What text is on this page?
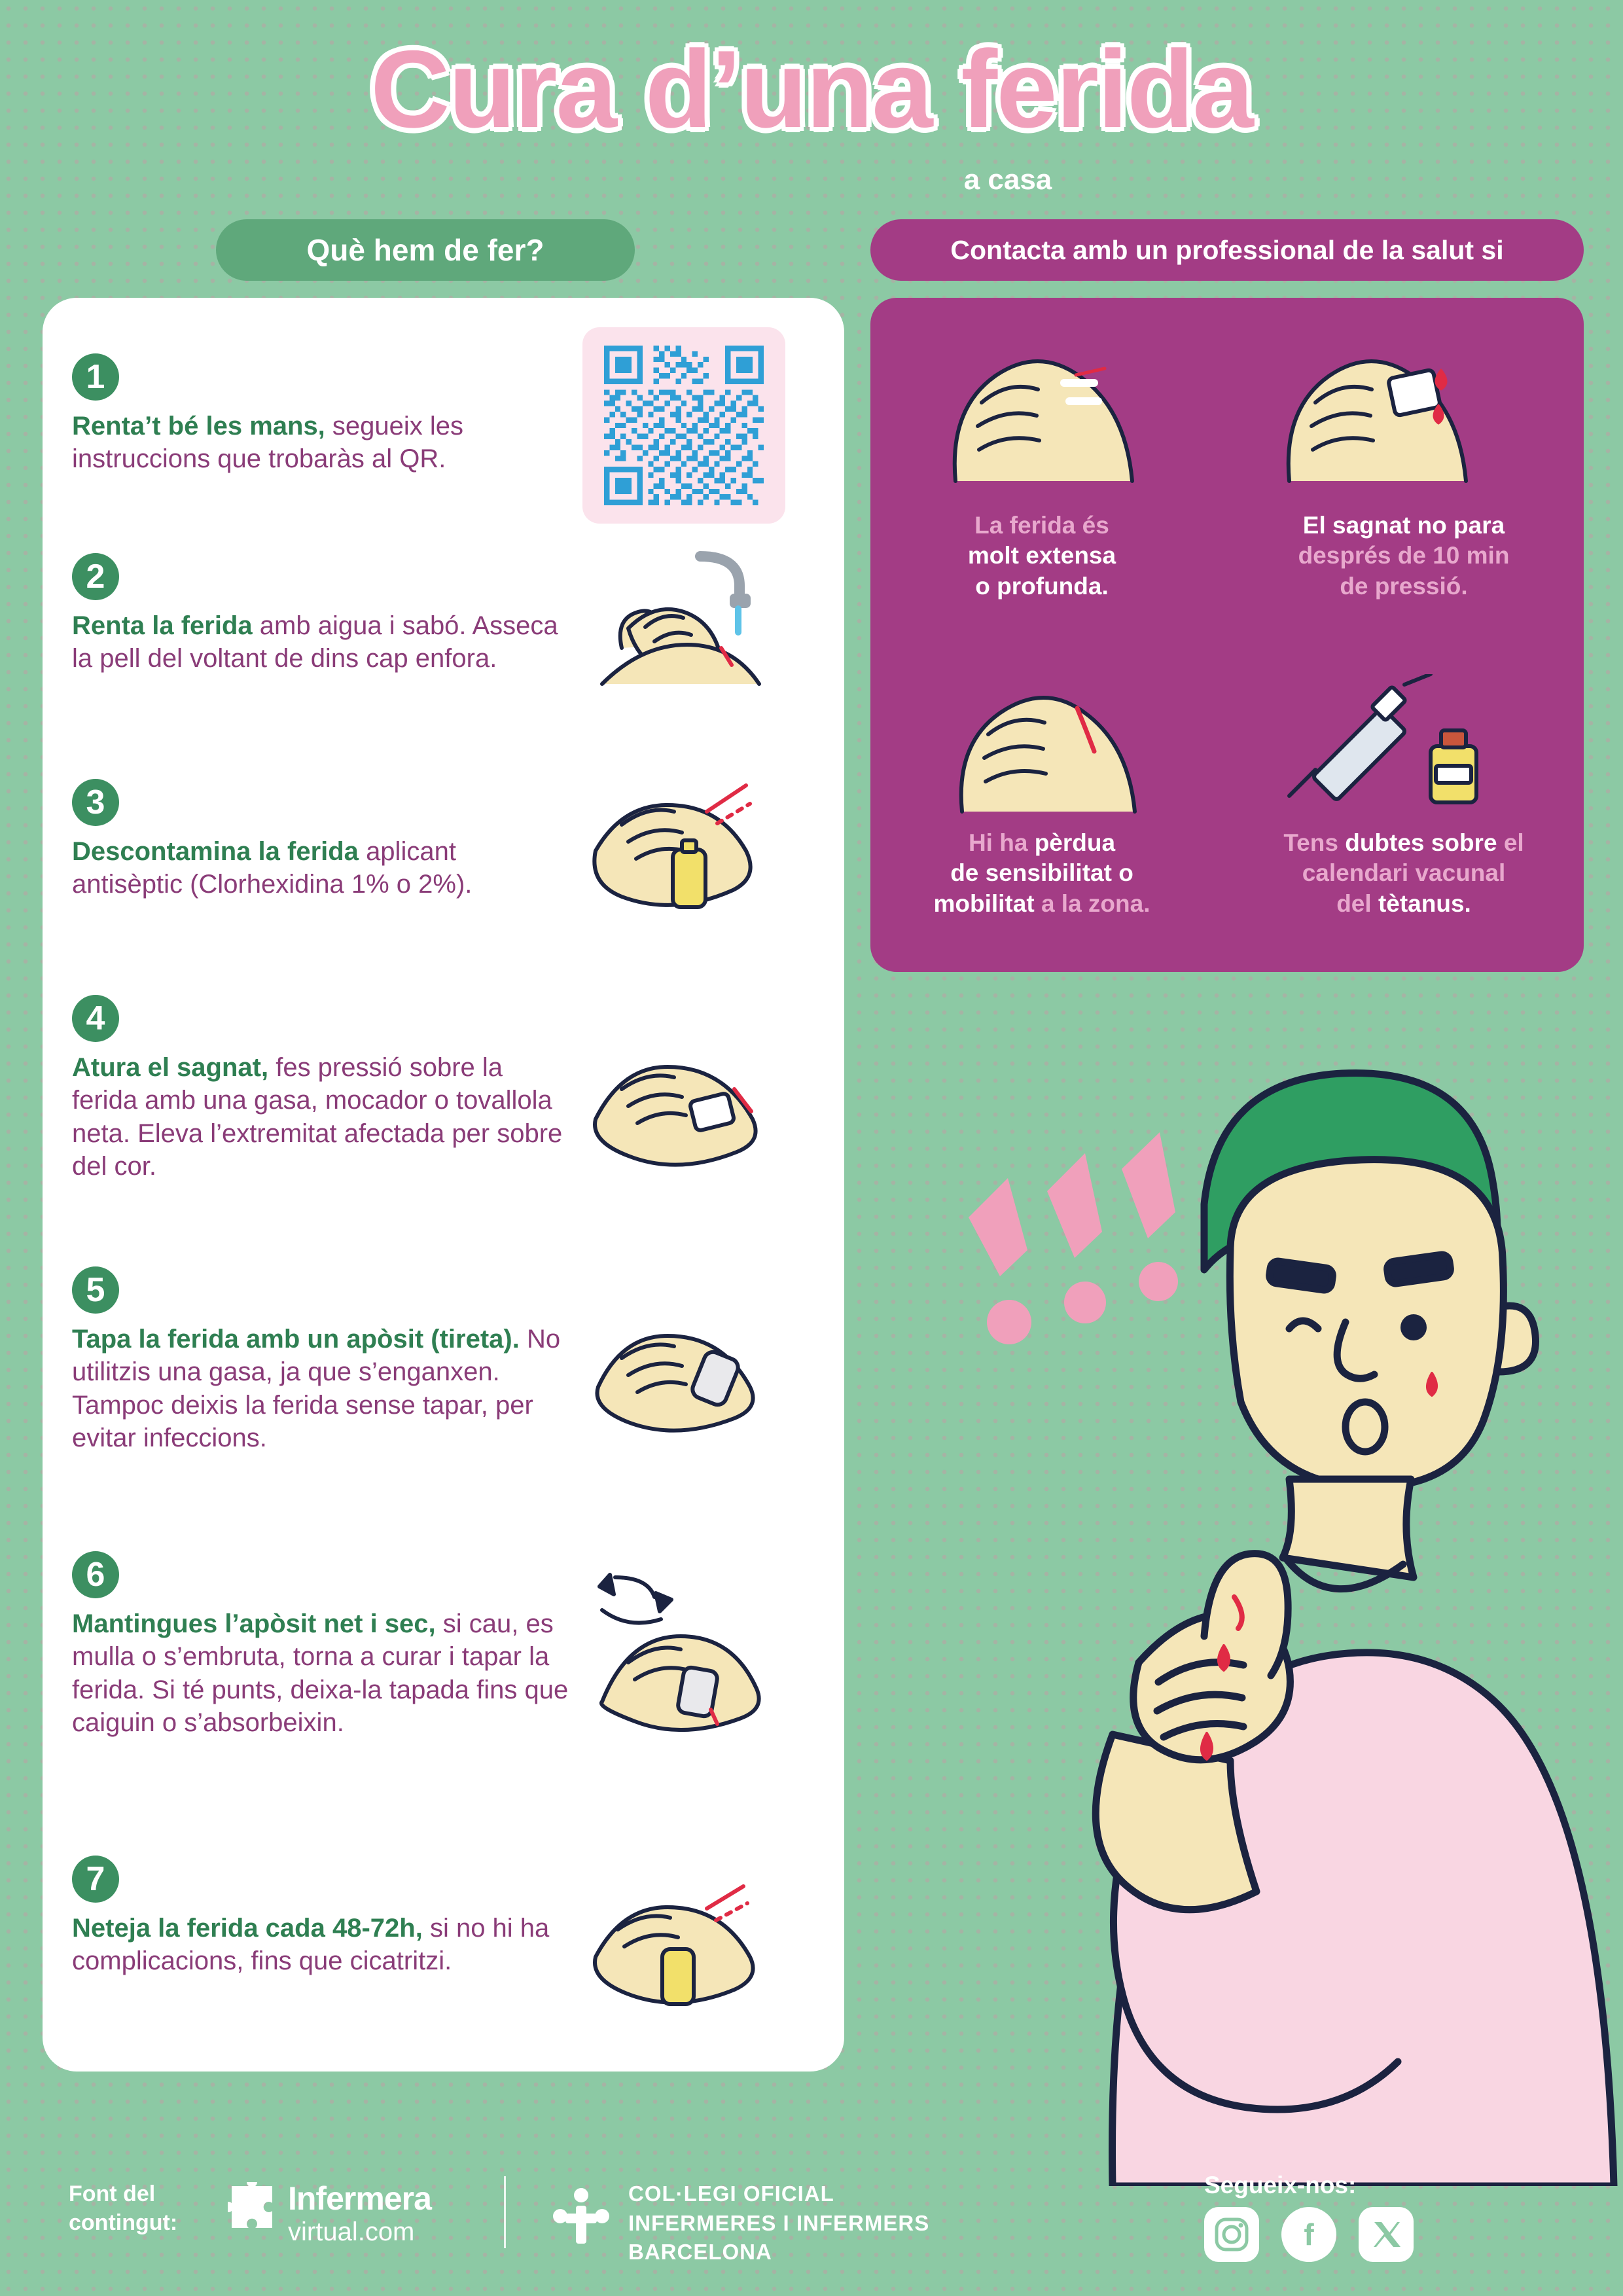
Cura d’una ferida
a casa
Què hem de fer?	Contacta amb un professional de la salut si
1
Renta’t bé les mans, segueix les instruccions que trobaràs al QR.
2
Renta la ferida amb aigua i sabó. Asseca la pell del voltant de dins cap enfora.
3
Descontamina la ferida aplicant antisèptic (Clorhexidina 1% o 2%).
4
Atura el sagnat, fes pressió sobre la ferida amb una gasa, mocador o tovallola neta. Eleva l’extremitat afectada per sobre del cor.
5
Tapa la ferida amb un apòsit (tireta). No utilitzis una gasa, ja que s’enganxen. Tampoc deixis la ferida sense tapar, per evitar infeccions.
6
Mantingues l’apòsit net i sec, si cau, es mulla o s’embruta, torna a curar i tapar la ferida. Si té punts, deixa-la tapada fins que caiguin o s’absorbeixin.
7
Neteja la ferida cada 48-72h, si no hi ha complicacions, fins que cicatritzi.
La ferida és
molt extensa
o profunda.
El sagnat no para
després de 10 min
de pressió.
Hi ha pèrdua
de sensibilitat o
mobilitat a la zona.
Tens dubtes sobre el
calendari vacunal
del tètanus.
Font del
contingut:
Infermera
virtual.com
COL·LEGI OFICIAL
INFERMERES I INFERMERS
BARCELONA
Segueix-nos:
f
